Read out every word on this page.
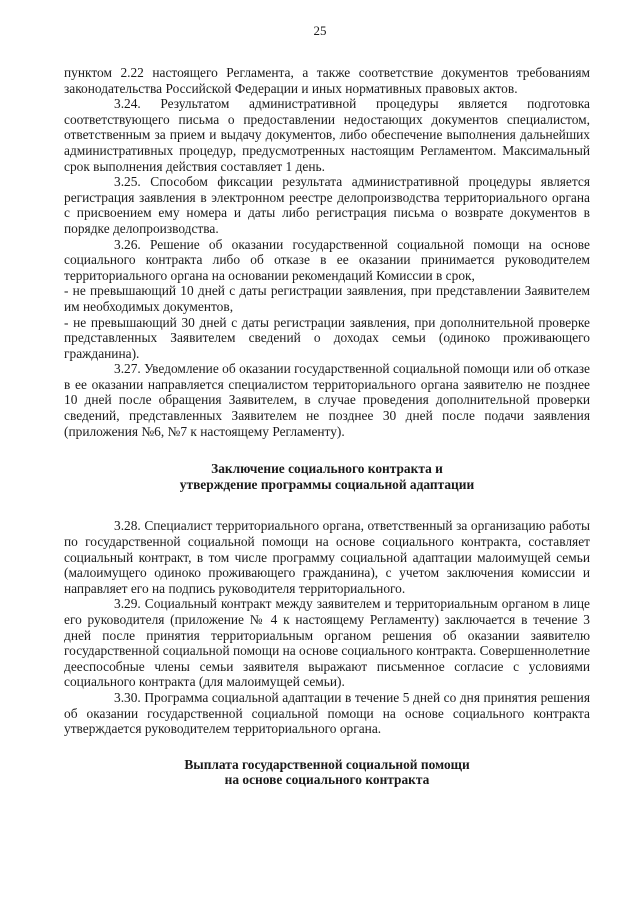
25

пунктом 2.22 настоящего Регламента, а также соответствие документов требованиям законодательства Российской Федерации и иных нормативных правовых актов.

3.24. Результатом административной процедуры является подготовка соответствующего письма о предоставлении недостающих документов специалистом, ответственным за прием и выдачу документов, либо обеспечение выполнения дальнейших административных процедур, предусмотренных настоящим Регламентом. Максимальный срок выполнения действия составляет 1 день.

3.25. Способом фиксации результата административной процедуры является регистрация заявления в электронном реестре делопроизводства территориального органа с присвоением ему номера и даты либо регистрация письма о возврате документов в порядке делопроизводства.

3.26. Решение об оказании государственной социальной помощи на основе социального контракта либо об отказе в ее оказании принимается руководителем территориального органа на основании рекомендаций Комиссии в срок,

- не превышающий 10 дней с даты регистрации заявления, при представлении Заявителем им необходимых документов,

- не превышающий 30 дней с даты регистрации заявления, при дополнительной проверке представленных Заявителем сведений о доходах семьи (одиноко проживающего гражданина).

3.27. Уведомление об оказании государственной социальной помощи или об отказе в ее оказании направляется специалистом территориального органа заявителю не позднее 10 дней после обращения Заявителем, в случае проведения дополнительной проверки сведений, представленных Заявителем не позднее 30 дней после подачи заявления (приложения №6, №7 к настоящему Регламенту).

Заключение социального контракта и

утверждение программы социальной адаптации

3.28. Специалист территориального органа, ответственный за организацию работы по государственной социальной помощи на основе социального контракта, составляет социальный контракт, в том числе программу социальной адаптации малоимущей семьи (малоимущего одиноко проживающего гражданина), с учетом заключения комиссии и направляет его на подпись руководителя территориального.

3.29. Социальный контракт между заявителем и территориальным органом в лице его руководителя (приложение № 4 к настоящему Регламенту) заключается в течение 3 дней после принятия территориальным органом решения об оказании заявителю государственной социальной помощи на основе социального контракта. Совершеннолетние дееспособные члены семьи заявителя выражают письменное согласие с условиями социального контракта (для малоимущей семьи).

3.30. Программа социальной адаптации в течение 5 дней со дня принятия решения об оказании государственной социальной помощи на основе социального контракта утверждается руководителем территориального органа.

Выплата государственной социальной помощи

на основе социального контракта
